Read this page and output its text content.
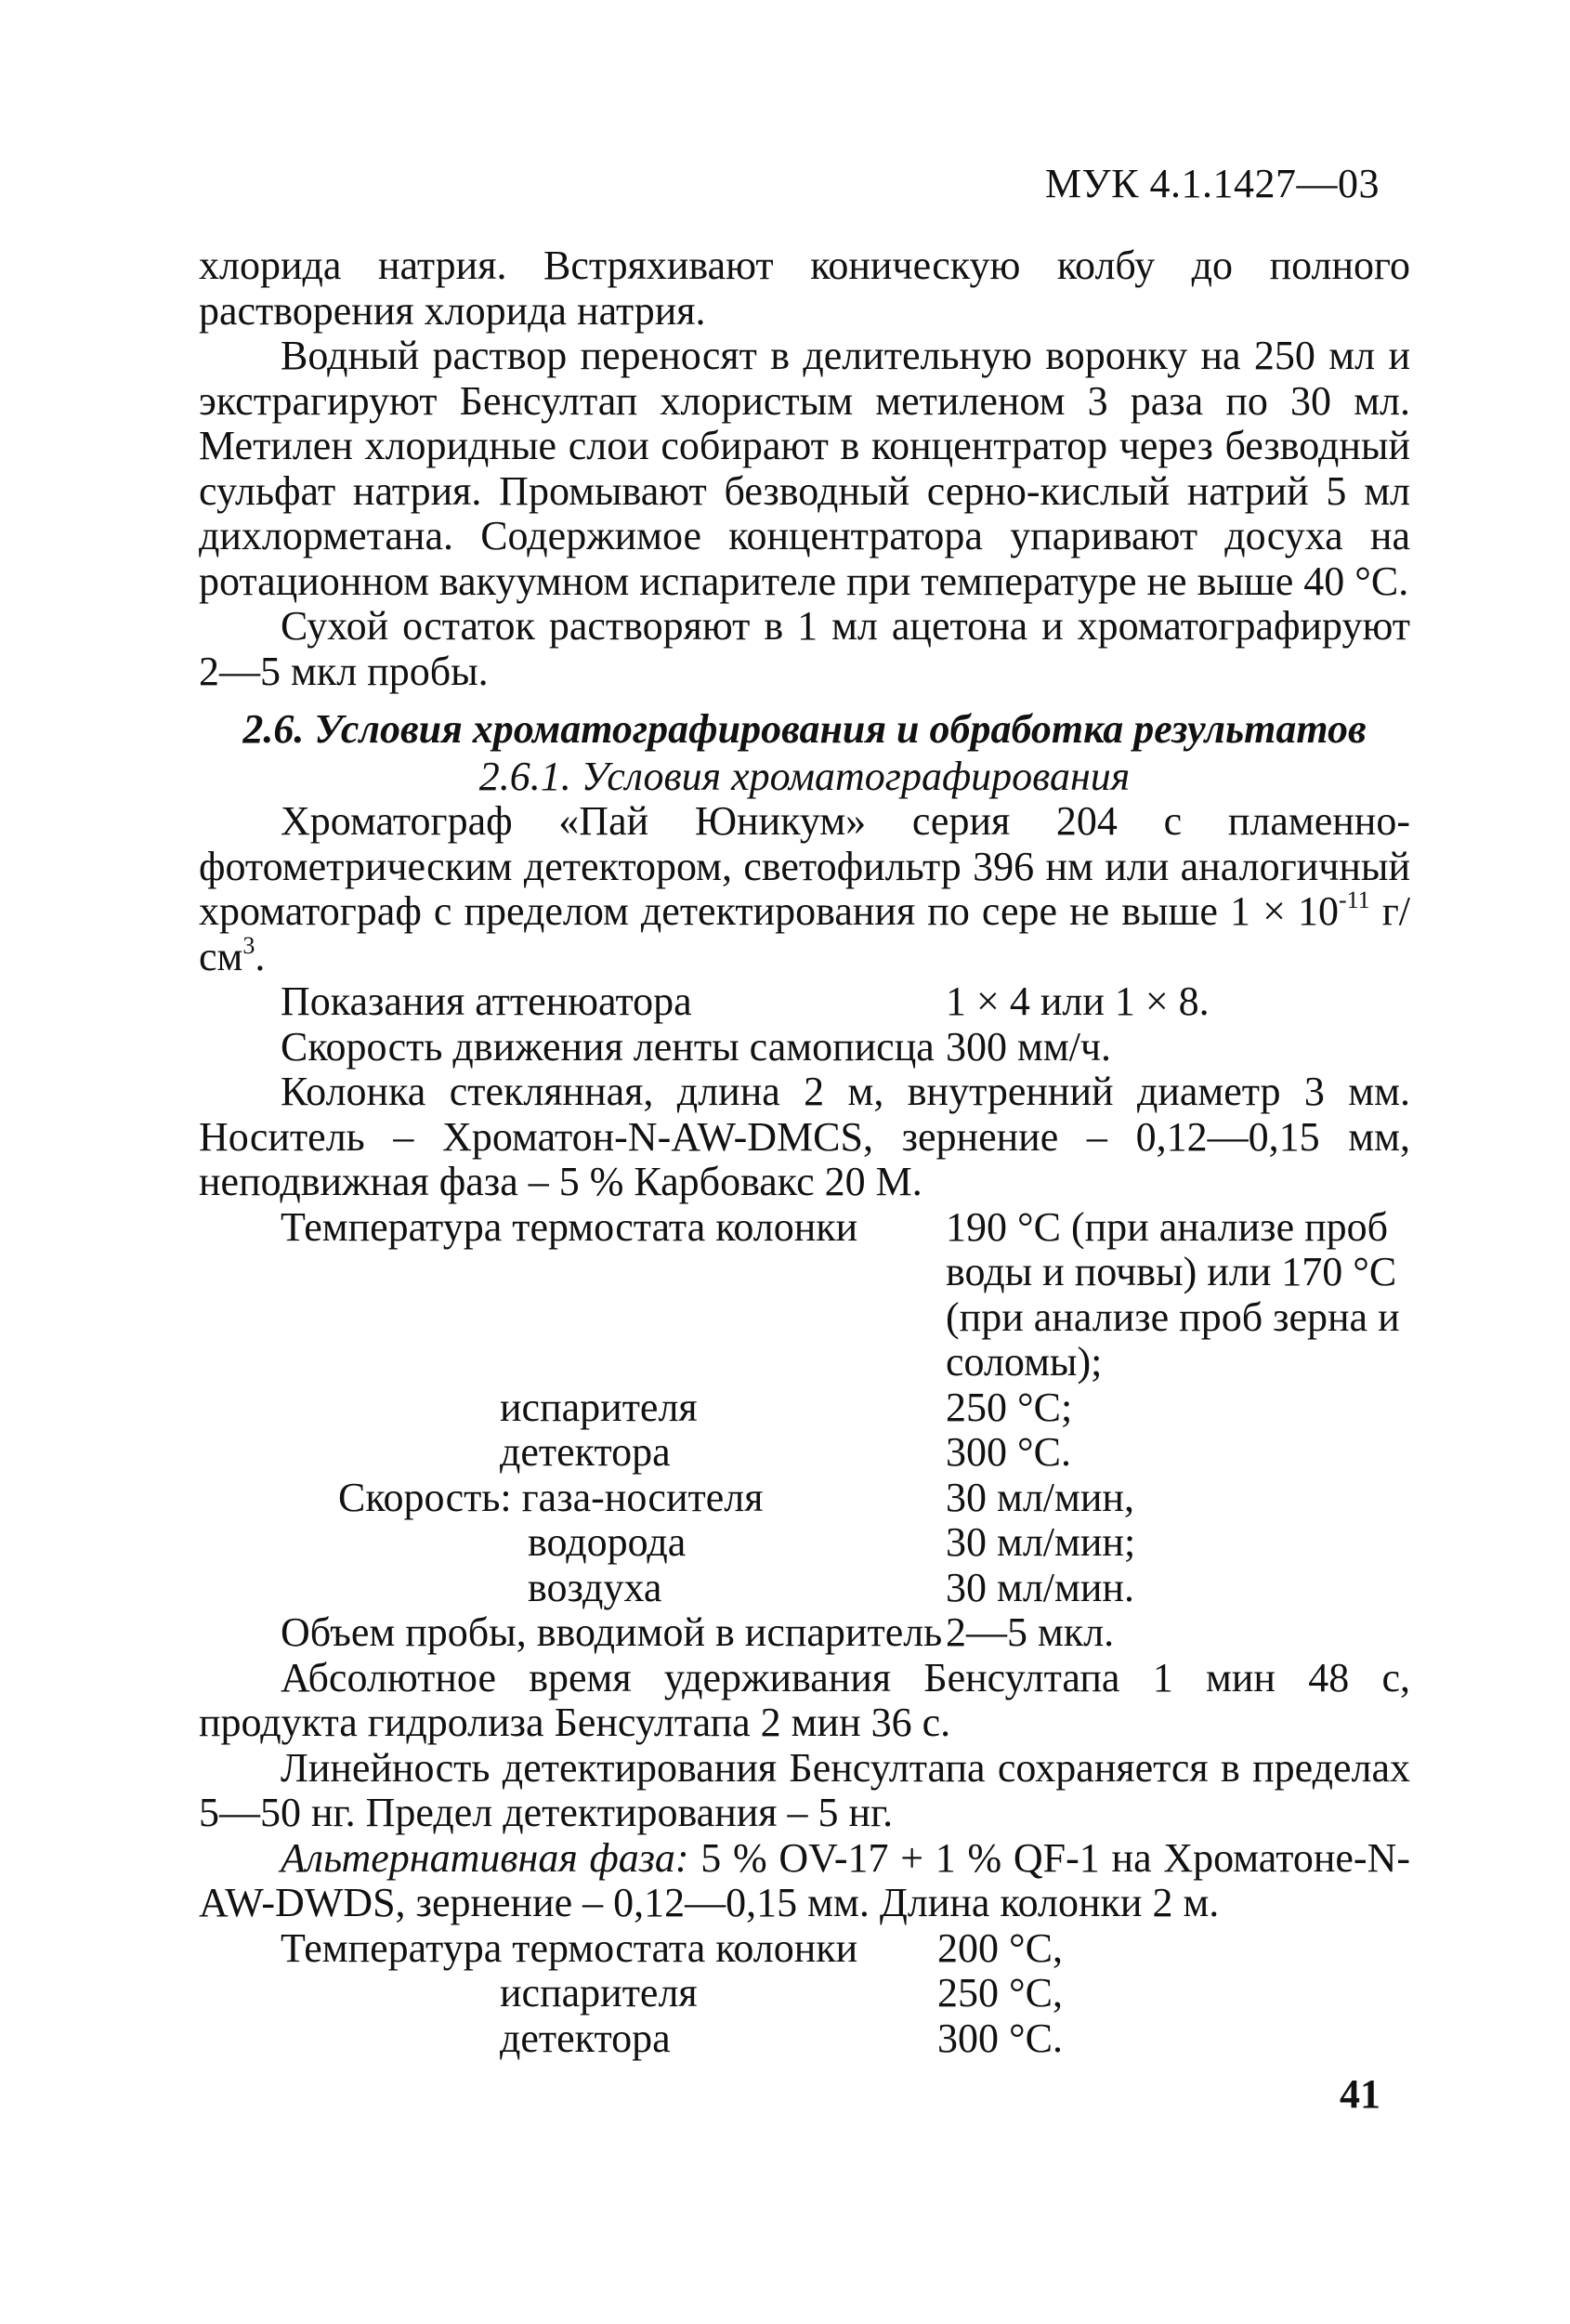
МУК 4.1.1427—03

хлорида натрия. Встряхивают коническую колбу до полного растворения хлорида натрия.

Водный раствор переносят в делительную воронку на 250 мл и экстрагируют Бенсултап хлористым метиленом 3 раза по 30 мл. Метилен хлоридные слои собирают в концентратор через безводный сульфат натрия. Промывают безводный серно-кислый натрий 5 мл дихлорметана. Содержимое концентратора упаривают досуха на ротационном вакуумном испарителе при температуре не выше 40 °C.

Сухой остаток растворяют в 1 мл ацетона и хроматографируют 2—5 мкл пробы.

2.6. Условия хроматографирования и обработка результатов

2.6.1. Условия хроматографирования

Хроматограф «Пай Юникум» серия 204 с пламенно-фотометрическим детектором, светофильтр 396 нм или аналогичный хроматограф с пределом детектирования по сере не выше $1 \times 10^{-11}$ $г/см^3$.

Показания аттенюатора	1 × 4 или 1 × 8.
Скорость движения ленты самописца 300 мм/ч.

Колонка стеклянная, длина 2 м, внутренний диаметр 3 мм. Носитель – Хроматон-N-AW-DMCS, зернение – 0,12—0,15 мм, неподвижная фаза – 5 % Карбовакс 20 М.

Температура термостата колонки	190 °C (при анализе проб
воды и почвы) или 170 °C
(при анализе проб зерна и
соломы);
испарителя	250 °C;
детектора	300 °C.
Скорость: газа-носителя	30 мл/мин,
водорода	30 мл/мин;
воздуха	30 мл/мин.
Объем пробы, вводимой в испаритель 2—5 мкл.

Абсолютное время удерживания Бенсултапа 1 мин 48 с, продукта гидролиза Бенсултапа 2 мин 36 с.

Линейность детектирования Бенсултапа сохраняется в пределах 5—50 нг. Предел детектирования – 5 нг.

Альтернативная фаза: 5 % OV-17 + 1 % QF-1 на Хроматоне-N-AW-DWDS, зернение – 0,12—0,15 мм. Длина колонки 2 м.

Температура термостата колонки	200 °C,
испарителя	250 °C,
детектора	300 °C.
41
